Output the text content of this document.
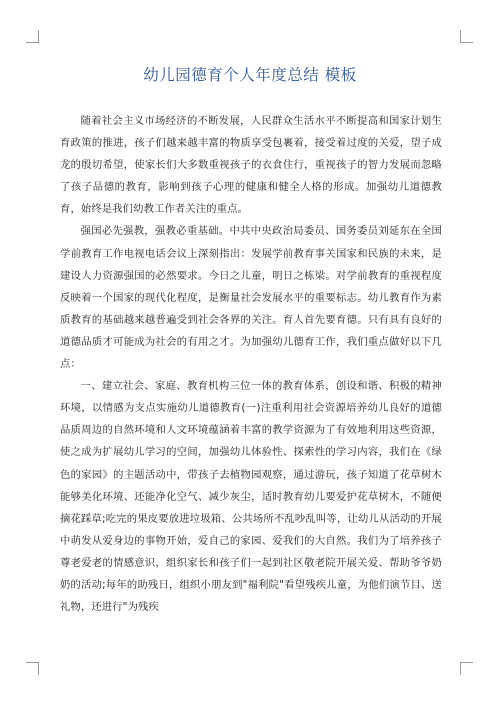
幼儿园德育个人年度总结 模板

随着社会主义市场经济的不断发展，人民群众生活水平不断提高和国家计划生育政策的推进，孩子们越来越丰富的物质享受包裹着，接受着过度的关爱，望子成龙的殷切希望，使家长们大多数重视孩子的衣食住行，重视孩子的智力发展而忽略了孩子品德的教育，影响到孩子心理的健康和健全人格的形成。加强幼儿道德教育，始终是我们幼教工作者关注的重点。

强国必先强教，强教必重基础。中共中央政治局委员、国务委员刘延东在全国学前教育工作电视电话会议上深刻指出：发展学前教育事关国家和民族的未来，是建设人力资源强国的必然要求。今日之儿童，明日之栋梁。对学前教育的重视程度反映着一个国家的现代化程度，是衡量社会发展水平的重要标志。幼儿教育作为素质教育的基础越来越普遍受到社会各界的关注。育人首先要育德。只有具有良好的道德品质才可能成为社会的有用之才。为加强幼儿德育工作，我们重点做好以下几点：

一、建立社会、家庭、教育机构三位一体的教育体系，创设和谐、积极的精神环境，以情感为支点实施幼儿道德教育(一)注重利用社会资源培养幼儿良好的道德品质周边的自然环境和人文环境蕴涵着丰富的教学资源为了有效地利用这些资源，使之成为扩展幼儿学习的空间，加强幼儿体验性、探索性的学习内容，我们在《绿色的家园》的主题活动中，带孩子去植物园观察，通过游玩，孩子知道了花草树木能够美化环境、还能净化空气、减少灰尘，适时教育幼儿要爱护花草树木，不随便摘花踩草;吃完的果皮要放进垃圾箱、公共场所不乱吵乱叫等，让幼儿从活动的开展中萌发从爱身边的事物开始，爱自己的家园、爱我们的大自然。我们为了培养孩子尊老爱老的情感意识，组织家长和孩子们一起到社区敬老院开展关爱、帮助爷爷奶奶的活动;每年的助残日，组织小朋友到"福利院"看望残疾儿童，为他们演节目、送礼物，还进行"为残疾
